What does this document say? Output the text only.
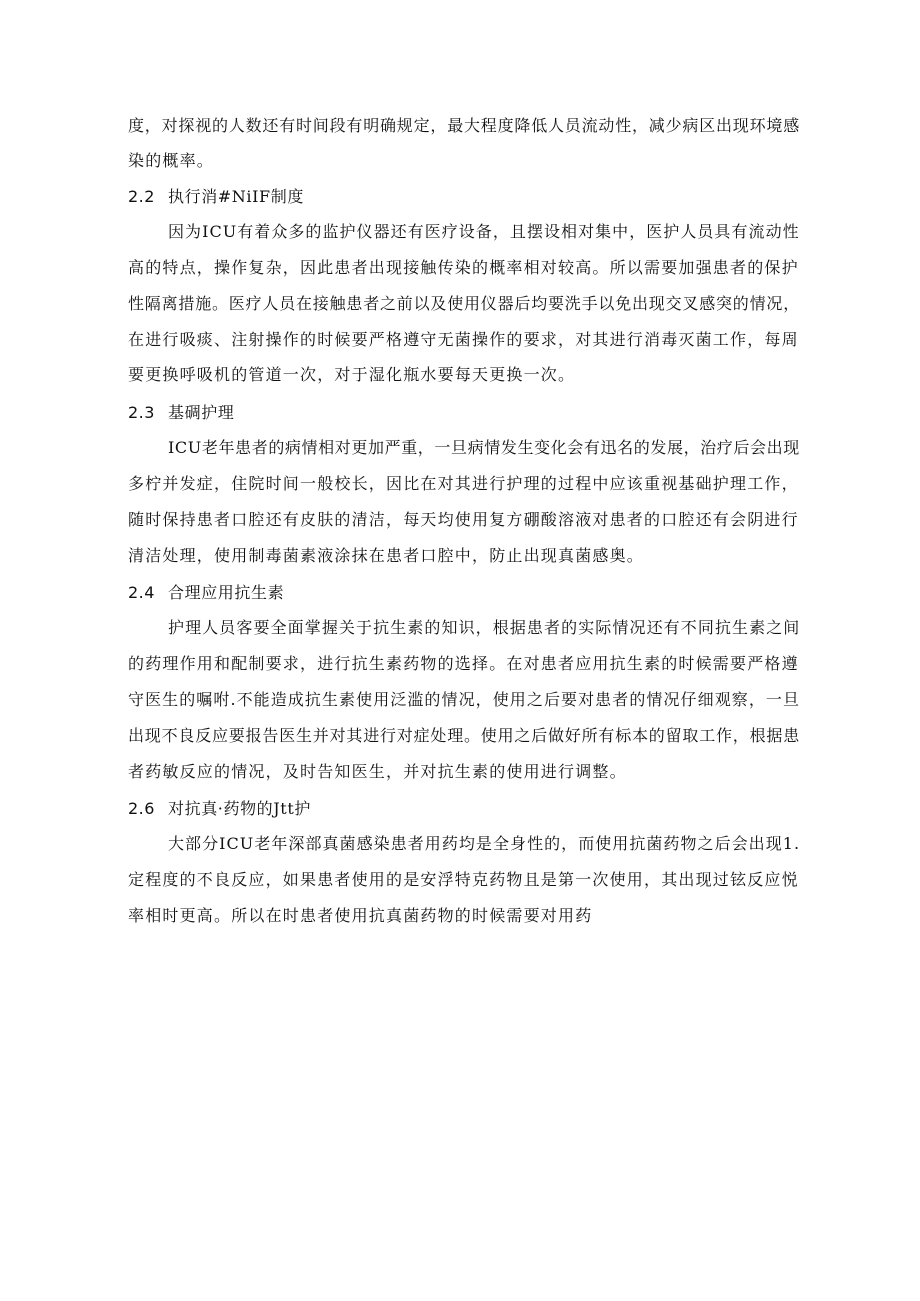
度，对探视的人数还有时间段有明确规定，最大程度降低人员流动性，减少病区出现环境感
染的概率。
2.2 执行消#NiIF制度
因为ICU有着众多的监护仪器还有医疗设备，且摆设相对集中，医护人员具有流动性
高的特点，操作复杂，因此患者出现接触传染的概率相对较高。所以需要加强患者的保护
性隔离措施。医疗人员在接触患者之前以及使用仪器后均要洗手以免出现交叉感突的情况，
在进行吸痰、注射操作的时候要严格遵守无菌操作的要求，对其进行消毒灭菌工作，每周
要更换呼吸机的管道一次，对于湿化瓶水要每天更换一次。
2.3 基碉护理
ICU老年患者的病情相对更加严重，一旦病情发生变化会有迅名的发展，治疗后会出现
多柠并发症，住院时间一般校长，因比在对其进行护理的过程中应该重视基础护理工作，
随时保持患者口腔还有皮肤的清洁，每天均使用复方硼酸溶液对患者的口腔还有会阴进行
清洁处理，使用制毒菌素液涂抹在患者口腔中，防止出现真菌感奥。
2.4 合理应用抗生素
护理人员客要全面掌握关于抗生素的知识，根据患者的实际情况还有不同抗生素之间
的药理作用和配制要求，进行抗生素药物的选择。在对患者应用抗生素的时候需要严格遵
守医生的嘱咐.不能造成抗生素使用泛滥的情况，使用之后要对患者的情况仔细观察，一旦
出现不良反应要报告医生并对其进行对症处理。使用之后做好所有标本的留取工作，根据患
者药敏反应的情况，及时告知医生，并对抗生素的使用进行调整。
2.6 对抗真·药物的Jtt护
大部分ICU老年深部真菌感染患者用药均是全身性的，而使用抗菌药物之后会出现1.
定程度的不良反应，如果患者使用的是安浮特克药物且是第一次使用，其出现过铉反应悦
率相时更高。所以在时患者使用抗真菌药物的时候需要对用药
